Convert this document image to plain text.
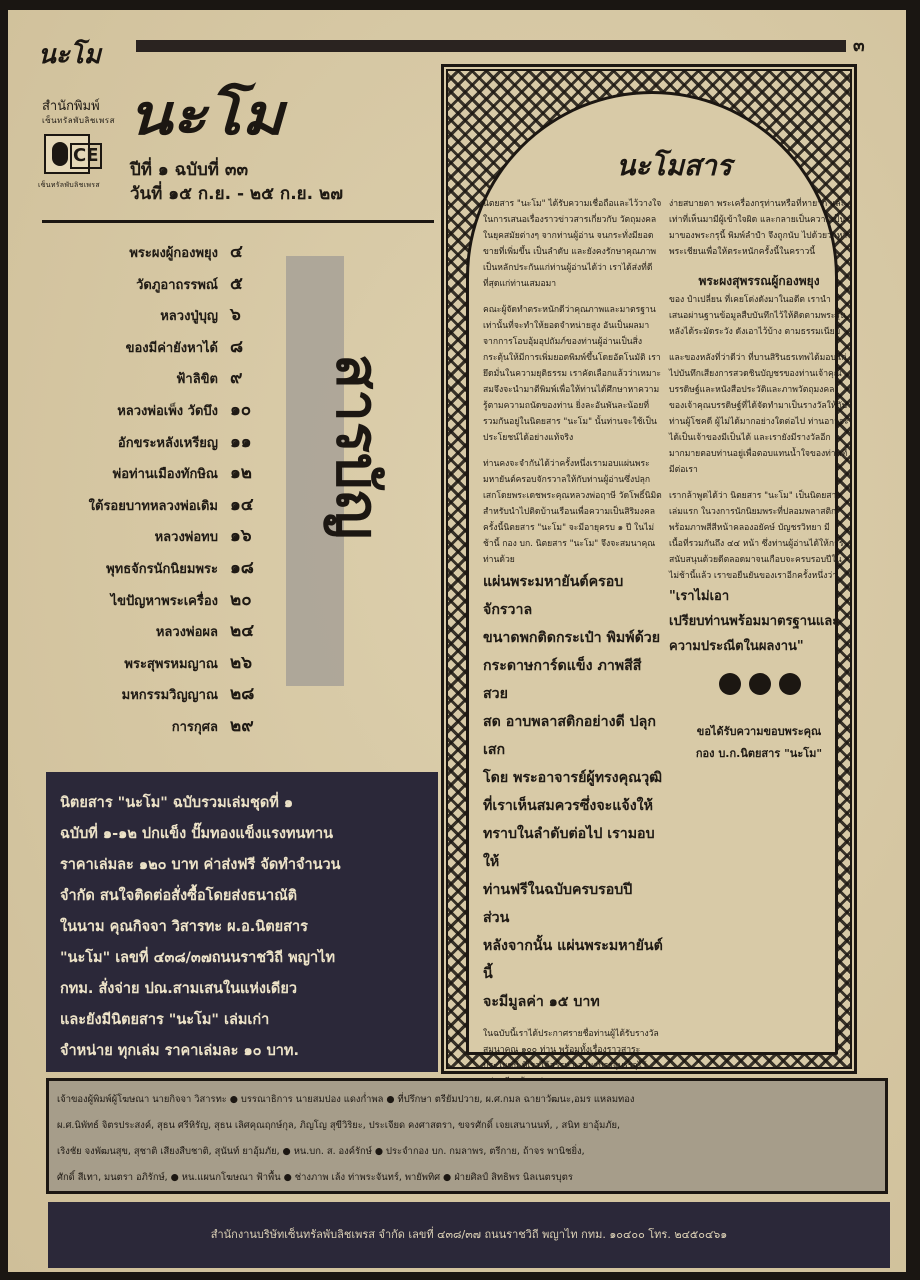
นะโม	๓
สำนักพิมพ์
เซ็นทรัลพับลิชเพรส
CE
เซ็นทรัลพับลิชเพรส
นะโม
ปีที่ ๑ ฉบับที่ ๓๓
วันที่ ๑๕ ก.ย. - ๒๕ ก.ย. ๒๗
พระผงผู้กองพยุง ๔
วัดภูอาถรรพณ์ ๕
หลวงปู่บุญ ๖
ของมีค่ายังหาได้ ๘
ฟ้าลิขิต ๙
หลวงพ่อเพ็ง วัดบึง ๑๐
อักขระหลังเหรียญ ๑๑
พ่อท่านเมืองทักษิณ ๑๒
ใต้รอยบาทหลวงพ่อเดิม ๑๔
หลวงพ่อทบ ๑๖
พุทธจักรนักนิยมพระ ๑๘
ไขปัญหาพระเครื่อง ๒๐
หลวงพ่อผล ๒๔
พระสุพรหมญาณ ๒๖
มหกรรมวิญญาณ ๒๘
การกุศล ๒๙
สารบัญ

นิตยสาร "นะโม" ฉบับรวมเล่มชุดที่ ๑

ฉบับที่ ๑-๑๒ ปกแข็ง ปั๊มทองแข็งแรงทนทาน

ราคาเล่มละ ๑๒๐ บาท ค่าส่งฟรี จัดทำจำนวน

จำกัด สนใจติดต่อสั่งซื้อโดยส่งธนาณัติ

ในนาม คุณกิจจา วิสารทะ ผ.อ.นิตยสาร

"นะโม" เลขที่ ๔๓๘/๓๗ถนนราชวิถี พญาไท

กทม. สั่งจ่าย ปณ.สามเสนในแห่งเดียว

และยังมีนิตยสาร "นะโม" เล่มเก่า

จำหน่าย ทุกเล่ม ราคาเล่มละ ๑๐ บาท.

นะโมสาร

นิตยสาร "นะโม" ได้รับความเชื่อถือและไว้วางใจ ในการเสนอเรื่องราวข่าวสารเกี่ยวกับ วัตถุมงคลในยุคสมัยต่างๆ จากท่านผู้อ่าน จนกระทั่งมียอดขายที่เพิ่มขึ้น เป็นลำดับ และยังคงรักษาคุณภาพเป็นหลักประกันแก่ท่านผู้อ่านได้ว่า เราได้ส่งที่ดีที่สุดแก่ท่านเสมอมา

คณะผู้จัดทำตระหนักดีว่าคุณภาพและมาตรฐานเท่านั้นที่จะทำให้ยอดจำหน่ายสูง อันเป็นผลมาจากการโอบอุ้มอุปถัมภ์ของท่านผู้อ่านเป็นสิ่งกระตุ้นให้มีการเพิ่มยอดพิมพ์ขึ้นโดยอัตโนมัติ เรายึดมั่นในความยุติธรรม เราคัดเลือกแล้วว่าเหมาะสมจึงจะนำมาตีพิมพ์เพื่อให้ท่านได้ศึกษาหาความรู้ตามความถนัดของท่าน ยิ่งละอันพันละน้อยที่รวมกันอยู่ในนิตยสาร "นะโม" นั้นท่านจะใช้เป็นประโยชน์ได้อย่างแท้จริง

ท่านคงจะจำกันได้ว่าครั้งหนึ่งเรามอบแผ่นพระมหายันต์ครอบจักรวาลให้กับท่านผู้อ่านซึ่งปลุกเสกโดยพระเดชพระคุณหลวงพ่อฤาษี วัดโพธิ์นิมิตสำหรับนำไปติดบ้านเรือนเพื่อความเป็นสิริมงคล ครั้งนี้นิตยสาร "นะโม" จะมีอายุครบ ๑ ปี ในไม่ช้านี้ กอง บก. นิตยสาร "นะโม" จึงจะสมนาคุณท่านด้วย

แผ่นพระมหายันต์ครอบจักรวาล

ขนาดพกติดกระเป๋า พิมพ์ด้วย

กระดาษการ์ดแข็ง ภาพสีสีสวย

สด อาบพลาสติกอย่างดี ปลุกเสก

โดย พระอาจารย์ผู้ทรงคุณวุฒิ

ที่เราเห็นสมควรซึ่งจะแจ้งให้

ทราบในลำดับต่อไป เรามอบให้

ท่านฟรีในฉบับครบรอบปี ส่วน

หลังจากนั้น แผ่นพระมหายันต์นี้

จะมีมูลค่า ๑๕ บาท

ในฉบับนี้เราได้ประกาศรายชื่อท่านผู้ได้รับรางวัลสมนาคุณ ๑๐๐ ท่าน พร้อมทั้งเรื่องราวสาระประโยชน์ ที่เราได้สรรหาเอามาบรรจุบรรจุไว้

ง่ายสบายตา พระเครื่องกรุท่านหรือที่หายาก และเท่าที่เห็นมามีผู้เข้าใจผิด และกลายเป็นความเป็นมาของพระกรุนี้ พิมพ์ลำปำ จึงถูกนับ ไปด้วยว่าหาพระเชียนเพื่อให้ตระหนักครั้งนี้ในคราวนี้

พระผงสุพรรณผู้กองพยุง

ของ ป๋าเปลี่ยน ที่เคยโด่งดังมาในอดีต เรานำเสนอผ่านฐานข้อมูลสืบบันทึกไว้ให้ติดตามพระรุ่นหลังได้ระมัดระวัง ดังเอาไว้บ้าง ตามธรรมเนียม

และของหลังที่ว่าดีว่า ที่บานสิรินธรเทพได้มอบแก่ไปบันทึกเสียงการสวดชินบัญชรของท่านเจ้าคุณ บรรดิษฐ์และหนังสือประวัติและภาพวัตถุมงคลของเจ้าคุณบรรดิษฐ์ที่ได้จัดทำมาเป็นรางวัลให้กับท่านผู้โชคดี ผู้ไม่ได้มากอย่างใดต่อไป ท่านอาจจะได้เป็นเจ้าของมีเป็นได้ และเรายังมีรางวัลอีกมากมายตอบท่านอยู่เพื่อตอบแทนน้ำใจของท่านที่มีต่อเรา

เรากล้าพูดได้ว่า นิตยสาร "นะโม" เป็นนิตยสารเล่มแรก ในวงการนักนิยมพระที่ปลอมพลาสติก พร้อมภาพสีสีหน้าคลองอยัคษ์ บัญชรวิทยา มีเนื้อที่รวมกันถึง ๔๔ หน้า ซึ่งท่านผู้อ่านได้ให้การสนับสนุนด้วยดีตลอดมาจนเกือบจะครบรอบปีในไม่ช้านี้แล้ว เราขอยืนยันของเราอีกครั้งหนึ่งว่า

"เราไม่เอา

เปรียบท่านพร้อมมาตรฐานและ

ความประณีตในผลงาน"

ขอได้รับความขอบพระคุณ
กอง บ.ก.นิตยสาร "นะโม"

เจ้าของผู้พิมพ์ผู้โฆษณา นายกิจจา วิสารทะ ● บรรณาธิการ นายสมปอง แดงก่ำพล ● ที่ปรึกษา ตรียัมปวาย, ผ.ศ.กมล ฉายาวัฒนะ,อมร แหลมทอง

ผ.ศ.นิพัทธ์ จิตรประสงค์, สุธน ศรีหิรัญ, สุธน เลิศคุณฤกษ์กุล, ภิญโญ สุขีวิริยะ, ประเจียด คงศาสตรา, ขจรศักดิ์ เจยเสนานนท์, , สนิท ยาอุ้มภัย,

เริงชัย จงพัฒนสุข, สุชาติ เสียงสืบชาติ, สุนันท์ ยาอุ้มภัย, ● หน.บก. ส. องค์รักษ์ ● ประจำกอง บก. กมลาพร, ตรีกาย, ถ้าจร พานิชยิ่ง,

ศักดิ์ สีเทา, มนตรา อภิรักษ์, ● หน.แผนกโฆษณา ฟ้าพื้น ● ช่างภาพ เล้ง ท่าพระจันทร์, พายัพทิศ ● ฝ่ายศิลป์ สิทธิพร นิลเนตรบุตร

สำนักงานบริษัทเซ็นทรัลพับลิชเพรส จำกัด เลขที่ ๔๓๘/๓๗ ถนนราชวิถี พญาไท กทม. ๑๐๔๐๐ โทร. ๒๔๕๐๔๖๑
